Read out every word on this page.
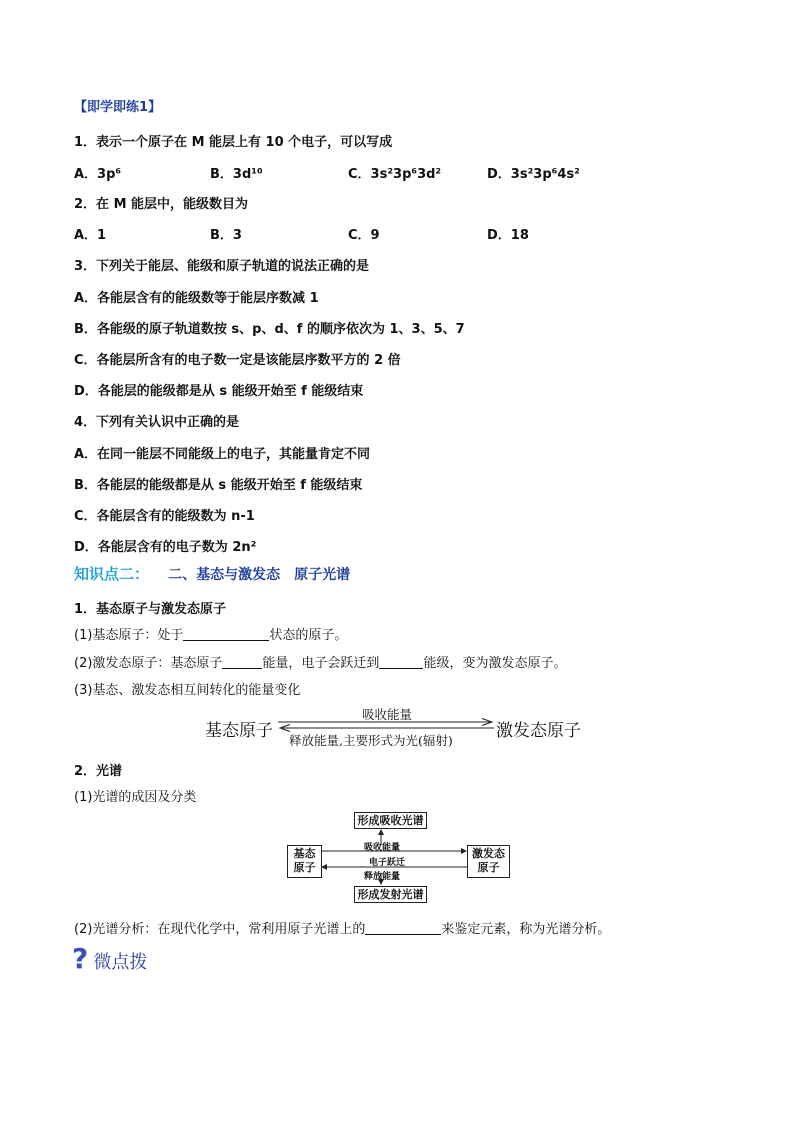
【即学即练1】
1．表示一个原子在 M 能层上有 10 个电子，可以写成
A．3p⁶	B．3d¹⁰	C．3s²3p⁶3d²	D．3s²3p⁶4s²
2．在 M 能层中，能级数目为
A．1	B．3	C．9	D．18
3．下列关于能层、能级和原子轨道的说法正确的是
A．各能层含有的能级数等于能层序数减 1
B．各能级的原子轨道数按 s、p、d、f 的顺序依次为 1、3、5、7
C．各能层所含有的电子数一定是该能层序数平方的 2 倍
D．各能层的能级都是从 s 能级开始至 f 能级结束
4．下列有关认识中正确的是
A．在同一能层不同能级上的电子，其能量肯定不同
B．各能层的能级都是从 s 能级开始至 f 能级结束
C．各能层含有的能级数为 n-1
D．各能层含有的电子数为 2n²
知识点二： 二、基态与激发态　原子光谱
1．基态原子与激发态原子
(1)基态原子：处于	状态的原子。
(2)激发态原子：基态原子	能量，电子会跃迁到	能级，变为激发态原子。
(3)基态、激发态相互间转化的能量变化
基态原子
吸收能量
释放能量,主要形式为光(辐射)	激发态原子
2．光谱
(1)光谱的成因及分类
形成吸收光谱
基态
原子
激发态
原子
吸收能量
电子跃迁
释放能量
形成发射光谱
(2)光谱分析：在现代化学中，常利用原子光谱上的	来鉴定元素，称为光谱分析。
? 微点拨
